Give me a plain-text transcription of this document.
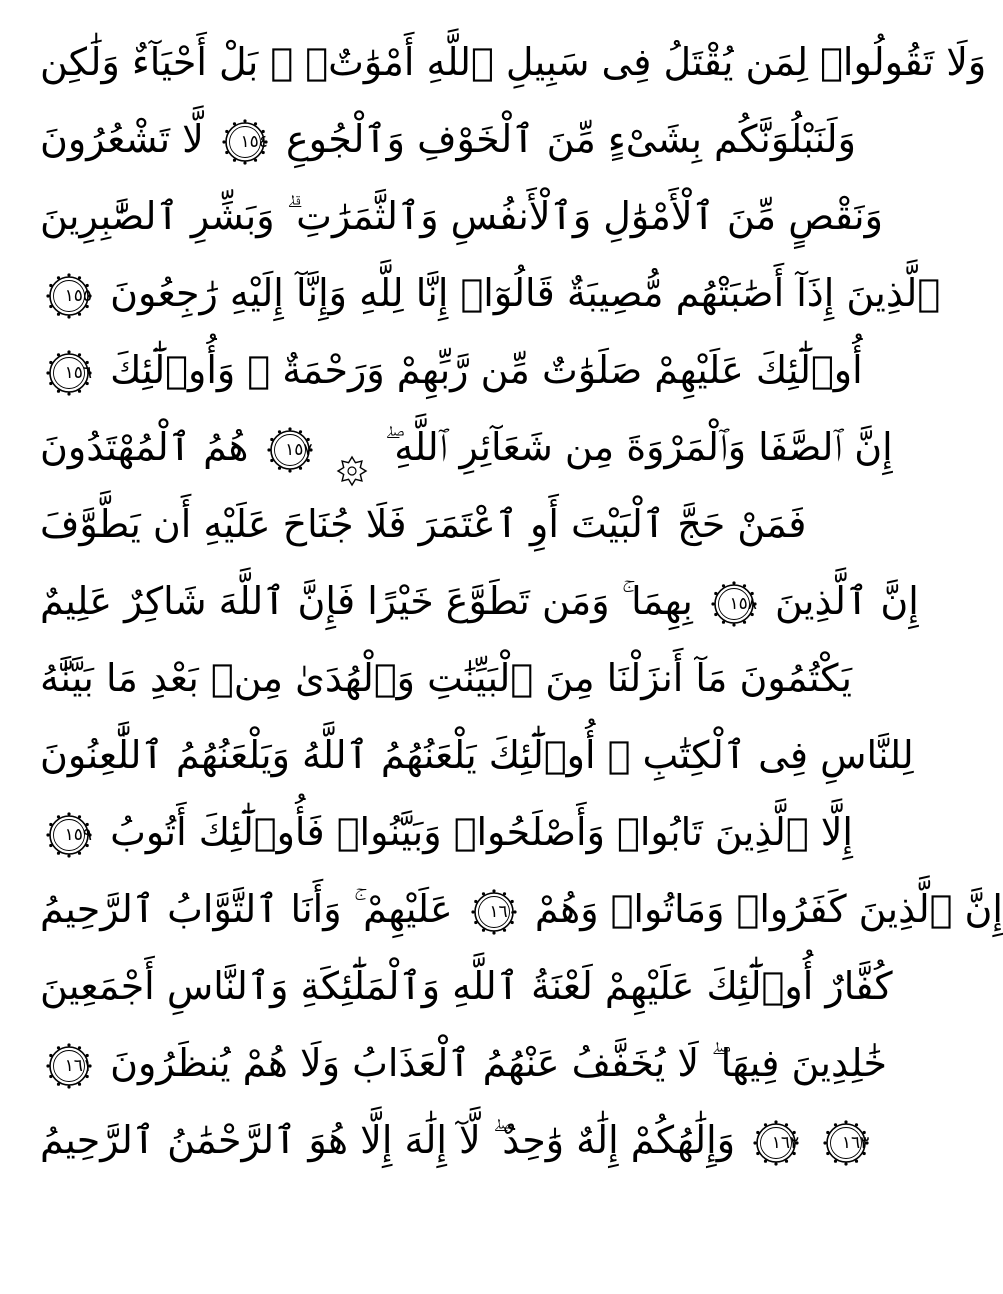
وَلَا تَقُولُوا۟ لِمَن يُقْتَلُ فِى سَبِيلِ ٱللَّهِ أَمْوَٰتٌۢ ۚ بَلْ أَحْيَآءٌ وَلَٰكِن
لَّا تَشْعُرُونَ	١٥٤ وَلَنَبْلُوَنَّكُم بِشَىْءٍ مِّنَ ٱلْخَوْفِ وَٱلْجُوعِ
وَنَقْصٍ مِّنَ ٱلْأَمْوَٰلِ وَٱلْأَنفُسِ وَٱلثَّمَرَٰتِ ۗ وَبَشِّرِ ٱلصَّٰبِرِينَ
١٥٥ ٱلَّذِينَ إِذَآ أَصَٰبَتْهُم مُّصِيبَةٌ قَالُوٓا۟ إِنَّا لِلَّهِ وَإِنَّآ إِلَيْهِ رَٰجِعُونَ
١٥٦ أُو۟لَٰٓئِكَ عَلَيْهِمْ صَلَوَٰتٌ مِّن رَّبِّهِمْ وَرَحْمَةٌ ۖ وَأُو۟لَٰٓئِكَ
هُمُ ٱلْمُهْتَدُونَ	١٥٧ إِنَّ ٱلصَّفَا وَٱلْمَرْوَةَ مِن شَعَآئِرِ ٱللَّهِ ۖ
فَمَنْ حَجَّ ٱلْبَيْتَ أَوِ ٱعْتَمَرَ فَلَا جُنَاحَ عَلَيْهِ أَن يَطَّوَّفَ
بِهِمَا ۚ وَمَن تَطَوَّعَ خَيْرًا فَإِنَّ ٱللَّهَ شَاكِرٌ عَلِيمٌ	١٥٨ إِنَّ ٱلَّذِينَ
يَكْتُمُونَ مَآ أَنزَلْنَا مِنَ ٱلْبَيِّنَٰتِ وَٱلْهُدَىٰ مِنۢ بَعْدِ مَا بَيَّنَّٰهُ
لِلنَّاسِ فِى ٱلْكِتَٰبِ ۙ أُو۟لَٰٓئِكَ يَلْعَنُهُمُ ٱللَّهُ وَيَلْعَنُهُمُ ٱللَّٰعِنُونَ
١٥٩ إِلَّا ٱلَّذِينَ تَابُوا۟ وَأَصْلَحُوا۟ وَبَيَّنُوا۟ فَأُو۟لَٰٓئِكَ أَتُوبُ
عَلَيْهِمْ ۚ وَأَنَا ٱلتَّوَّابُ ٱلرَّحِيمُ	١٦٠ إِنَّ ٱلَّذِينَ كَفَرُوا۟ وَمَاتُوا۟ وَهُمْ
كُفَّارٌ أُو۟لَٰٓئِكَ عَلَيْهِمْ لَعْنَةُ ٱللَّهِ وَٱلْمَلَٰٓئِكَةِ وَٱلنَّاسِ أَجْمَعِينَ
١٦١ خَٰلِدِينَ فِيهَا ۖ لَا يُخَفَّفُ عَنْهُمُ ٱلْعَذَابُ وَلَا هُمْ يُنظَرُونَ
وَإِلَٰهُكُمْ إِلَٰهٌ وَٰحِدٌ ۖ لَّآ إِلَٰهَ إِلَّا هُوَ ٱلرَّحْمَٰنُ ٱلرَّحِيمُ	١٦٢
	١٦٣
